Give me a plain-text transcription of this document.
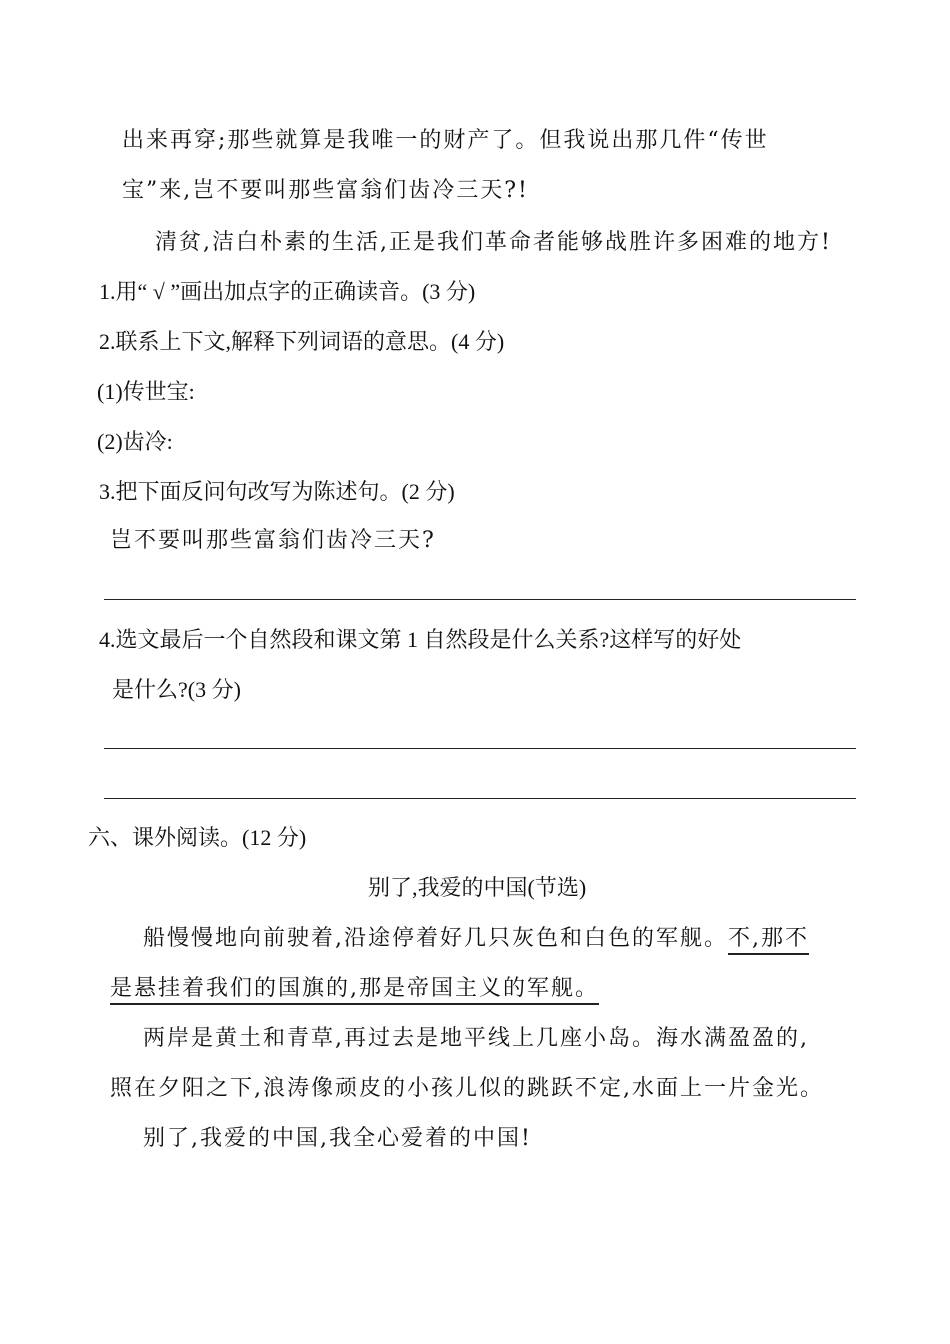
出来再穿;那些就算是我唯一的财产了。但我说出那几件“传世

宝”来,岂不要叫那些富翁们齿冷三天?!

清贫,洁白朴素的生活,正是我们革命者能够战胜许多困难的地方!

1.用“ √ ”画出加点字的正确读音。(3 分)

2.联系上下文,解释下列词语的意思。(4 分)

(1)传世宝:

(2)齿冷:

3.把下面反问句改写为陈述句。(2 分)

岂不要叫那些富翁们齿冷三天?

4.选文最后一个自然段和课文第 1 自然段是什么关系?这样写的好处

是什么?(3 分)

六、课外阅读。(12 分)

别了,我爱的中国(节选)

船慢慢地向前驶着,沿途停着好几只灰色和白色的军舰。不,那不

是悬挂着我们的国旗的,那是帝国主义的军舰。

两岸是黄土和青草,再过去是地平线上几座小岛。海水满盈盈的,

照在夕阳之下,浪涛像顽皮的小孩儿似的跳跃不定,水面上一片金光。

别了,我爱的中国,我全心爱着的中国!
